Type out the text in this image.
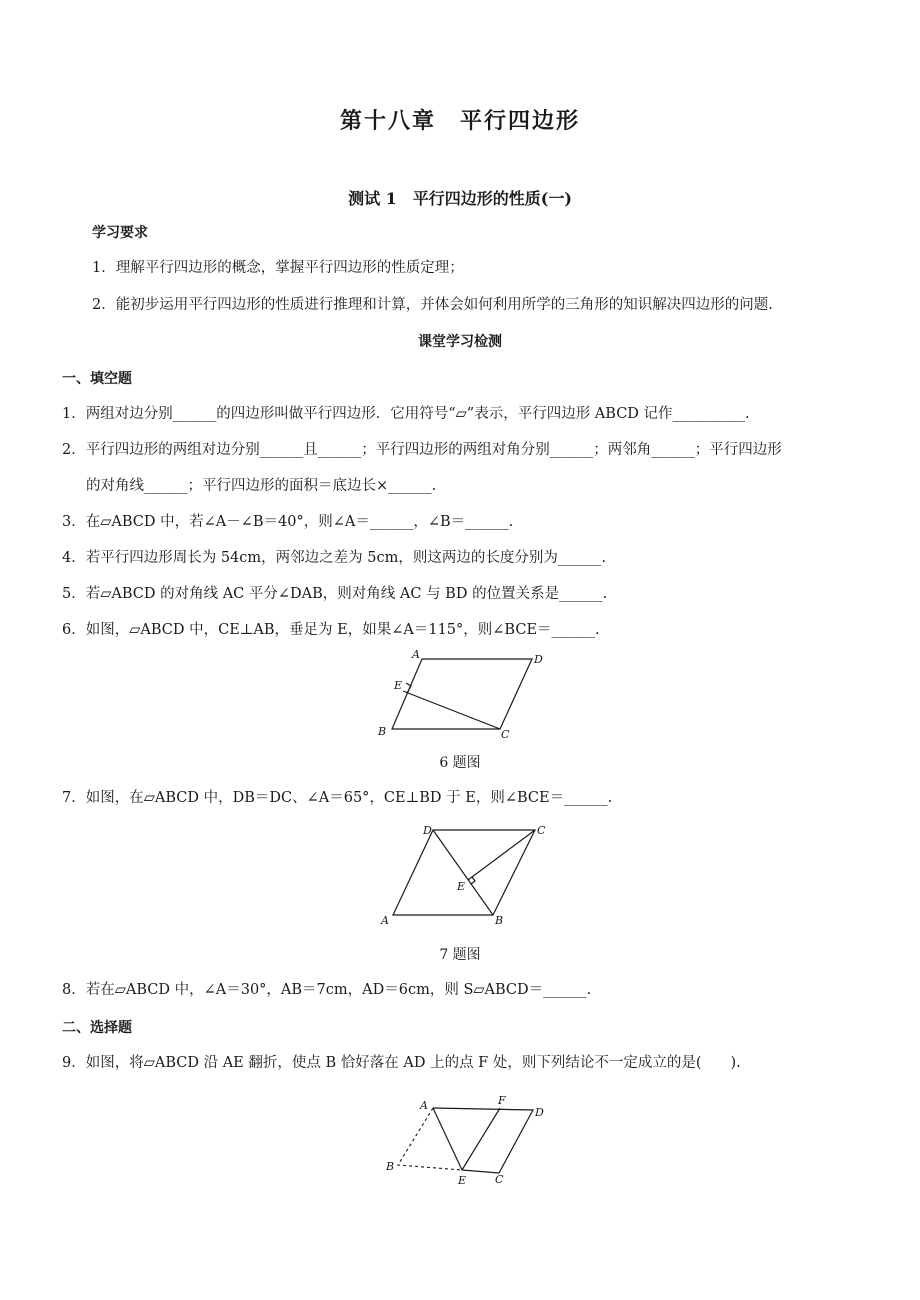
第十八章　平行四边形
测试 1　平行四边形的性质(一)
学习要求
1．理解平行四边形的概念，掌握平行四边形的性质定理；
2．能初步运用平行四边形的性质进行推理和计算，并体会如何利用所学的三角形的知识解决四边形的问题.
课堂学习检测
一、填空题
1．两组对边分别______的四边形叫做平行四边形．它用符号“▱”表示，平行四边形 ABCD 记作__________.
2．平行四边形的两组对边分别______且______；平行四边形的两组对角分别______；两邻角______；平行四边形
的对角线______；平行四边形的面积＝底边长×______.
3．在▱ABCD 中，若∠A－∠B＝40°，则∠A＝______，∠B＝______.
4．若平行四边形周长为 54cm，两邻边之差为 5cm，则这两边的长度分别为______.
5．若▱ABCD 的对角线 AC 平分∠DAB，则对角线 AC 与 BD 的位置关系是______.
6．如图，▱ABCD 中，CE⊥AB，垂足为 E，如果∠A＝115°，则∠BCE＝______.
A	D
E
B	C
6 题图
7．如图，在▱ABCD 中，DB＝DC、∠A＝65°，CE⊥BD 于 E，则∠BCE＝______.
D	C
E
A	B
7 题图
8．若在▱ABCD 中，∠A＝30°，AB＝7cm，AD＝6cm，则 S▱ABCD＝______.
二、选择题
9．如图，将▱ABCD 沿 AE 翻折，使点 B 恰好落在 AD 上的点 F 处，则下列结论不一定成立的是(　　).
A	F
D
B
E	C
